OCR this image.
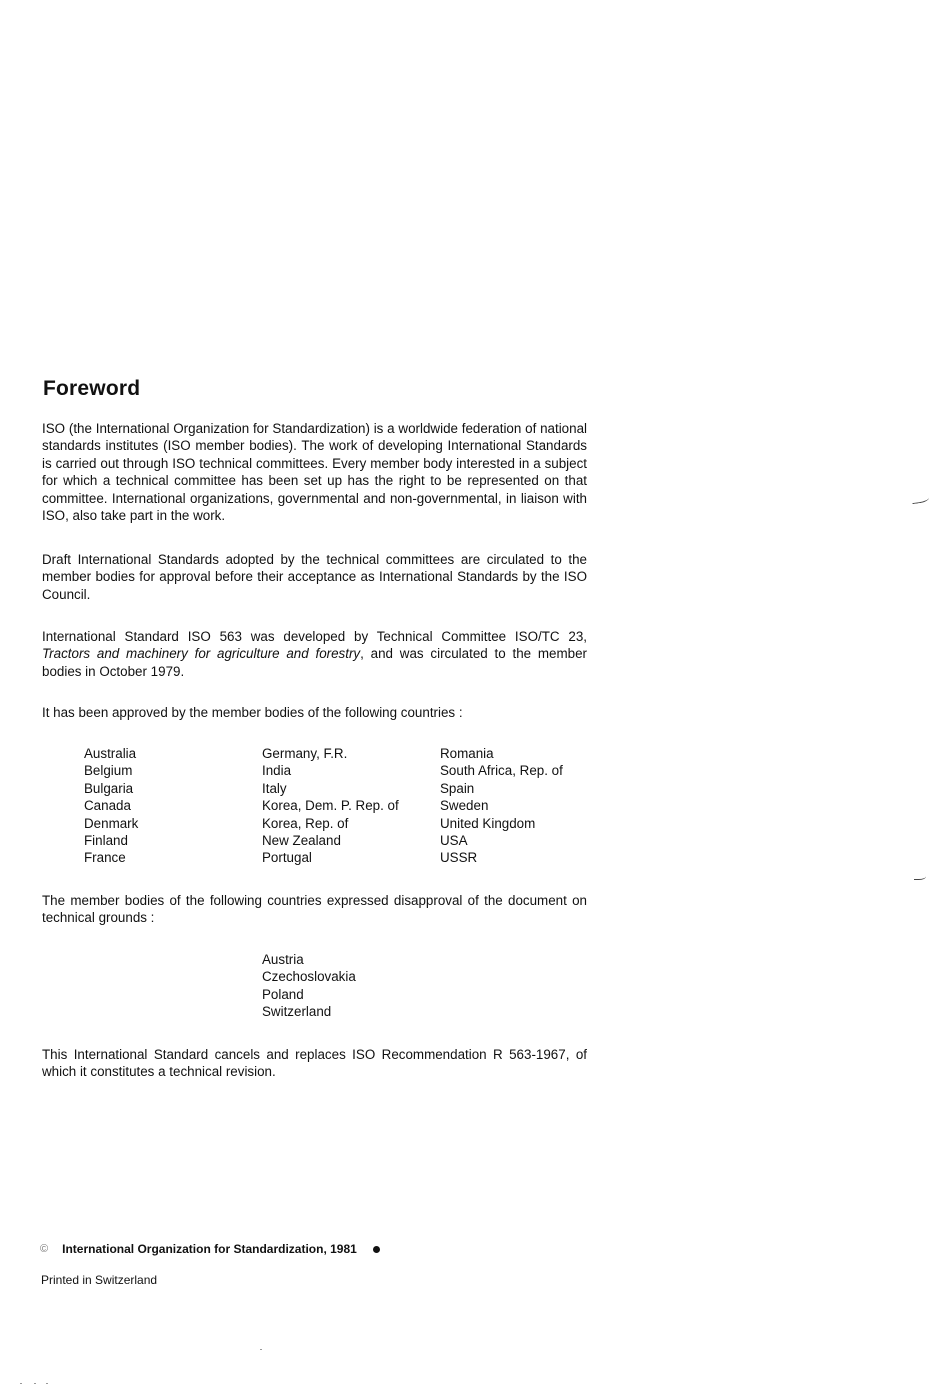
Foreword

ISO (the International Organization for Standardization) is a worldwide federation of national standards institutes (ISO member bodies). The work of developing International Standards is carried out through ISO technical committees. Every member body interested in a subject for which a technical committee has been set up has the right to be represented on that committee. International organizations, governmental and non-governmental, in liaison with ISO, also take part in the work.

Draft International Standards adopted by the technical committees are circulated to the member bodies for approval before their acceptance as International Standards by the ISO Council.

International Standard ISO 563 was developed by Technical Committee ISO/TC 23, Tractors and machinery for agriculture and forestry, and was circulated to the member bodies in October 1979.

It has been approved by the member bodies of the following countries :

Australia
Belgium
Bulgaria
Canada
Denmark
Finland
France
Germany, F.R.
India
Italy
Korea, Dem. P. Rep. of
Korea, Rep. of
New Zealand
Portugal
Romania
South Africa, Rep. of
Spain
Sweden
United Kingdom
USA
USSR

The member bodies of the following countries expressed disapproval of the document on technical grounds :

Austria
Czechoslovakia
Poland
Switzerland

This International Standard cancels and replaces ISO Recommendation R 563-1967, of which it constitutes a technical revision.

© International Organization for Standardization, 1981
Printed in Switzerland
